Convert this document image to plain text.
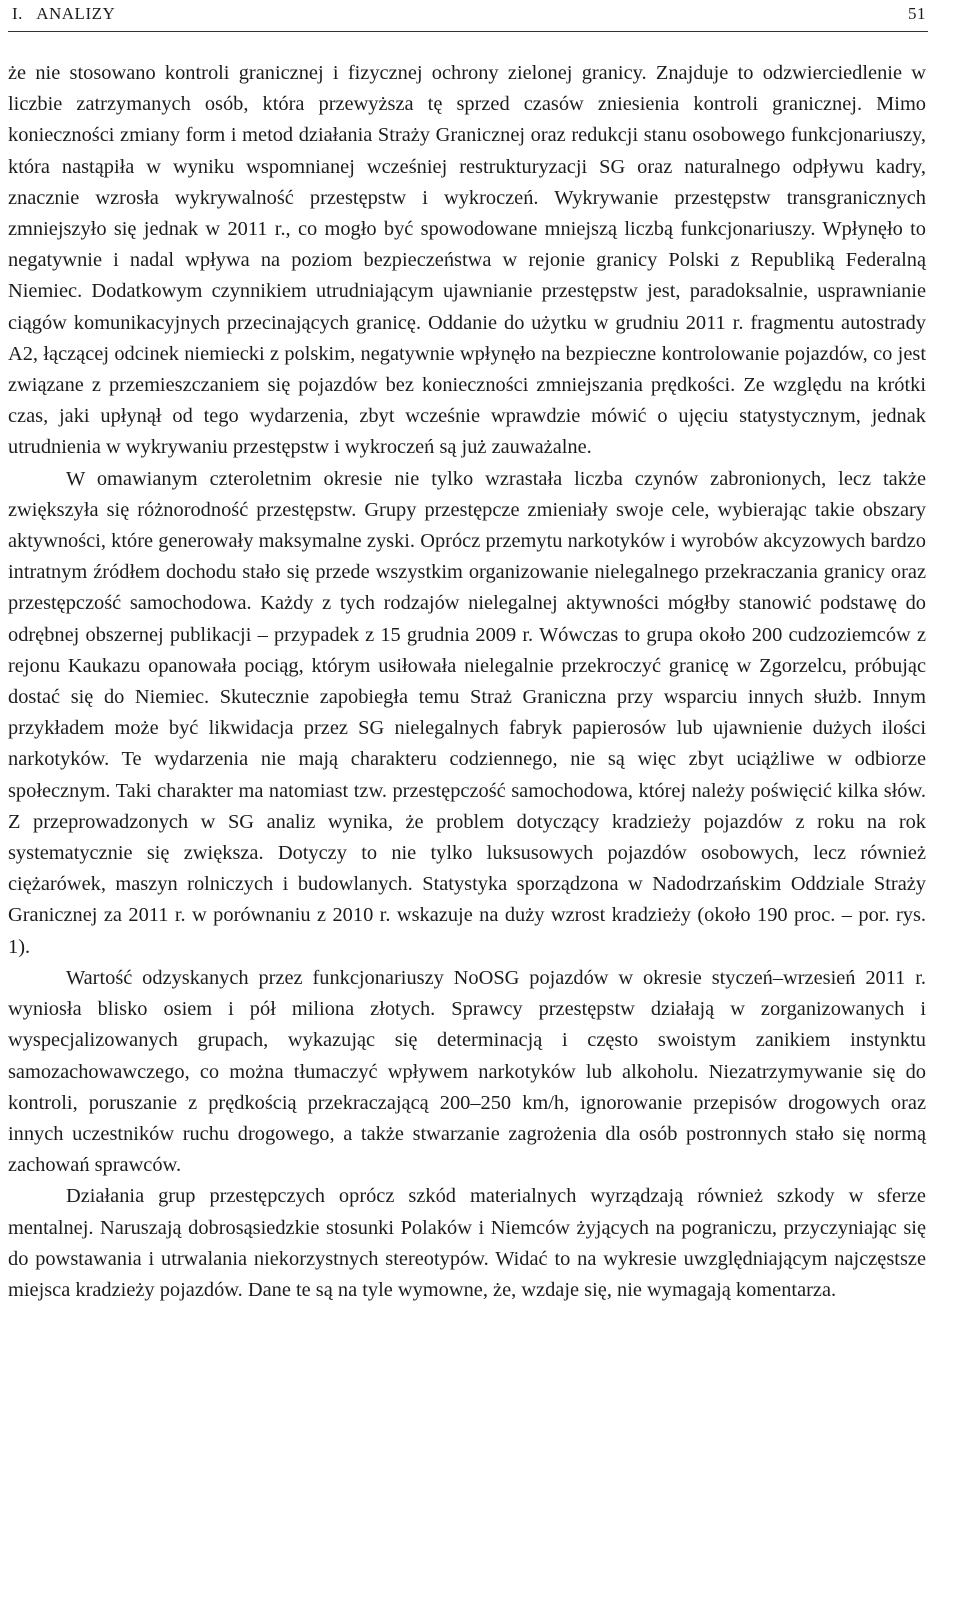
I.   ANALIZY	51

że nie stosowano kontroli granicznej i fizycznej ochrony zielonej granicy. Znajduje to odzwierciedlenie w liczbie zatrzymanych osób, która przewyższa tę sprzed czasów zniesienia kontroli granicznej. Mimo konieczności zmiany form i metod działania Straży Granicznej oraz redukcji stanu osobowego funkcjonariuszy, która nastąpiła w wyniku wspomnianej wcześniej restrukturyzacji SG oraz naturalnego odpływu kadry, znacznie wzrosła wykrywalność przestępstw i wykroczeń. Wykrywanie przestępstw transgranicznych zmniejszyło się jednak w 2011 r., co mogło być spowodowane mniejszą liczbą funkcjonariuszy. Wpłynęło to negatywnie i nadal wpływa na poziom bezpieczeństwa w rejonie granicy Polski z Republiką Federalną Niemiec. Dodatkowym czynnikiem utrudniającym ujawnianie przestępstw jest, paradoksalnie, usprawnianie ciągów komunikacyjnych przecinających granicę. Oddanie do użytku w grudniu 2011 r. fragmentu autostrady A2, łączącej odcinek niemiecki z polskim, negatywnie wpłynęło na bezpieczne kontrolowanie pojazdów, co jest związane z przemieszczaniem się pojazdów bez konieczności zmniejszania prędkości. Ze względu na krótki czas, jaki upłynął od tego wydarzenia, zbyt wcześnie wprawdzie mówić o ujęciu statystycznym, jednak utrudnienia w wykrywaniu przestępstw i wykroczeń są już zauważalne.

W omawianym czteroletnim okresie nie tylko wzrastała liczba czynów zabronionych, lecz także zwiększyła się różnorodność przestępstw. Grupy przestępcze zmieniały swoje cele, wybierając takie obszary aktywności, które generowały maksymalne zyski. Oprócz przemytu narkotyków i wyrobów akcyzowych bardzo intratnym źródłem dochodu stało się przede wszystkim organizowanie nielegalnego przekraczania granicy oraz przestępczość samochodowa. Każdy z tych rodzajów nielegalnej aktywności mógłby stanowić podstawę do odrębnej obszernej publikacji – przypadek z 15 grudnia 2009 r. Wówczas to grupa około 200 cudzoziemców z rejonu Kaukazu opanowała pociąg, którym usiłowała nielegalnie przekroczyć granicę w Zgorzelcu, próbując dostać się do Niemiec. Skutecznie zapobiegła temu Straż Graniczna przy wsparciu innych służb. Innym przykładem może być likwidacja przez SG nielegalnych fabryk papierosów lub ujawnienie dużych ilości narkotyków. Te wydarzenia nie mają charakteru codziennego, nie są więc zbyt uciążliwe w odbiorze społecznym. Taki charakter ma natomiast tzw. przestępczość samochodowa, której należy poświęcić kilka słów. Z przeprowadzonych w SG analiz wynika, że problem dotyczący kradzieży pojazdów z roku na rok systematycznie się zwiększa. Dotyczy to nie tylko luksusowych pojazdów osobowych, lecz również ciężarówek, maszyn rolniczych i budowlanych. Statystyka sporządzona w Nadodrzańskim Oddziale Straży Granicznej za 2011 r. w porównaniu z 2010 r. wskazuje na duży wzrost kradzieży (około 190 proc. – por. rys. 1).

Wartość odzyskanych przez funkcjonariuszy NoOSG pojazdów w okresie styczeń–wrzesień 2011 r. wyniosła blisko osiem i pół miliona złotych. Sprawcy przestępstw działają w zorganizowanych i wyspecjalizowanych grupach, wykazując się determinacją i często swoistym zanikiem instynktu samozachowawczego, co można tłumaczyć wpływem narkotyków lub alkoholu. Niezatrzymywanie się do kontroli, poruszanie z prędkością przekraczającą 200–250 km/h, ignorowanie przepisów drogowych oraz innych uczestników ruchu drogowego, a także stwarzanie zagrożenia dla osób postronnych stało się normą zachowań sprawców.

Działania grup przestępczych oprócz szkód materialnych wyrządzają również szkody w sferze mentalnej. Naruszają dobrosąsiedzkie stosunki Polaków i Niemców żyjących na pograniczu, przyczyniając się do powstawania i utrwalania niekorzystnych stereotypów. Widać to na wykresie uwzględniającym najczęstsze miejsca kradzieży pojazdów. Dane te są na tyle wymowne, że, wzdaje się, nie wymagają komentarza.
